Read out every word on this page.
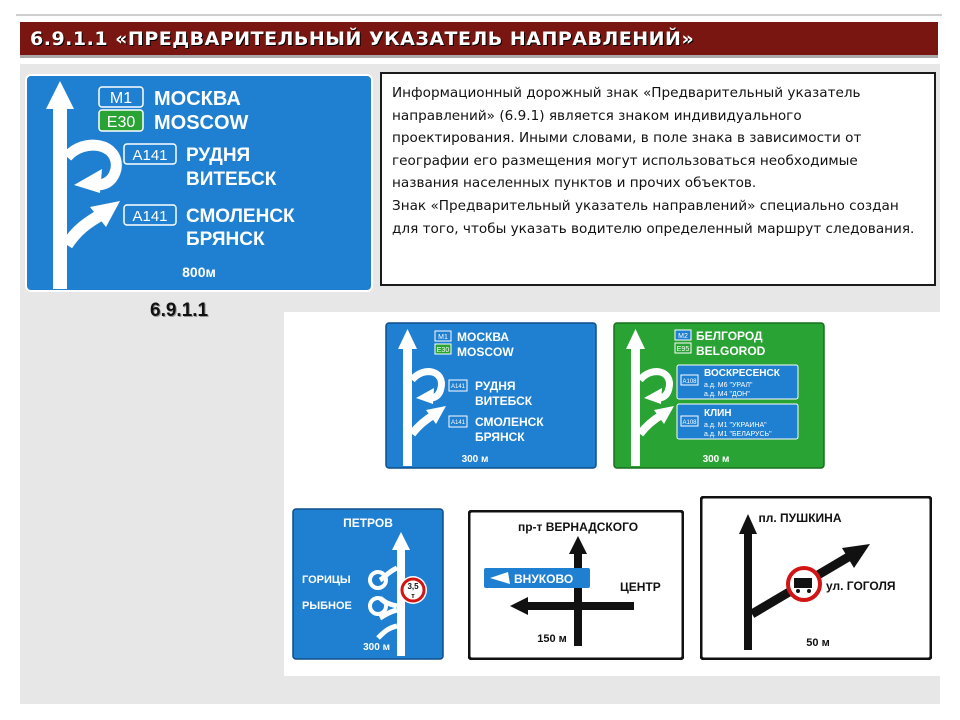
6.9.1.1 «ПРЕДВАРИТЕЛЬНЫЙ УКАЗАТЕЛЬ НАПРАВЛЕНИЙ»
M1
E30
МОСКВА
MOSCOW
A141 РУДНЯ
ВИТЕБСК
A141 СМОЛЕНСК
БРЯНСК
800м

Информационный дорожный знак «Предварительный указатель направлений» (6.9.1) является знаком индивидуального проектирования. Иными словами, в поле знака в зависимости от географии его размещения могут использоваться необходимые названия населенных пунктов и прочих объектов.
Знак «Предварительный указатель направлений» специально создан для того, чтобы указать водителю определенный маршрут следования.

6.9.1.1
M1
E30
МОСКВА
MOSCOW
A141 РУДНЯ
ВИТЕБСК
A141 СМОЛЕНСК
БРЯНСК
300 м
M2
E95
БЕЛГОРОД
BELGOROD
A108
ВОСКРЕСЕНСК
а.д. М6 "УРАЛ"
а.д. М4 "ДОН"
A108
КЛИН
а.д. М1 "УКРАИНА"
а.д. М1 "БЕЛАРУСЬ"
300 м
ПЕТРОВ
3,5
т
ГОРИЦЫ
РЫБНОЕ
300 м
пр-т ВЕРНАДСКОГО
ВНУКОВО
ЦЕНТР
150 м
пл. ПУШКИНА
ул. ГОГОЛЯ
50 м
